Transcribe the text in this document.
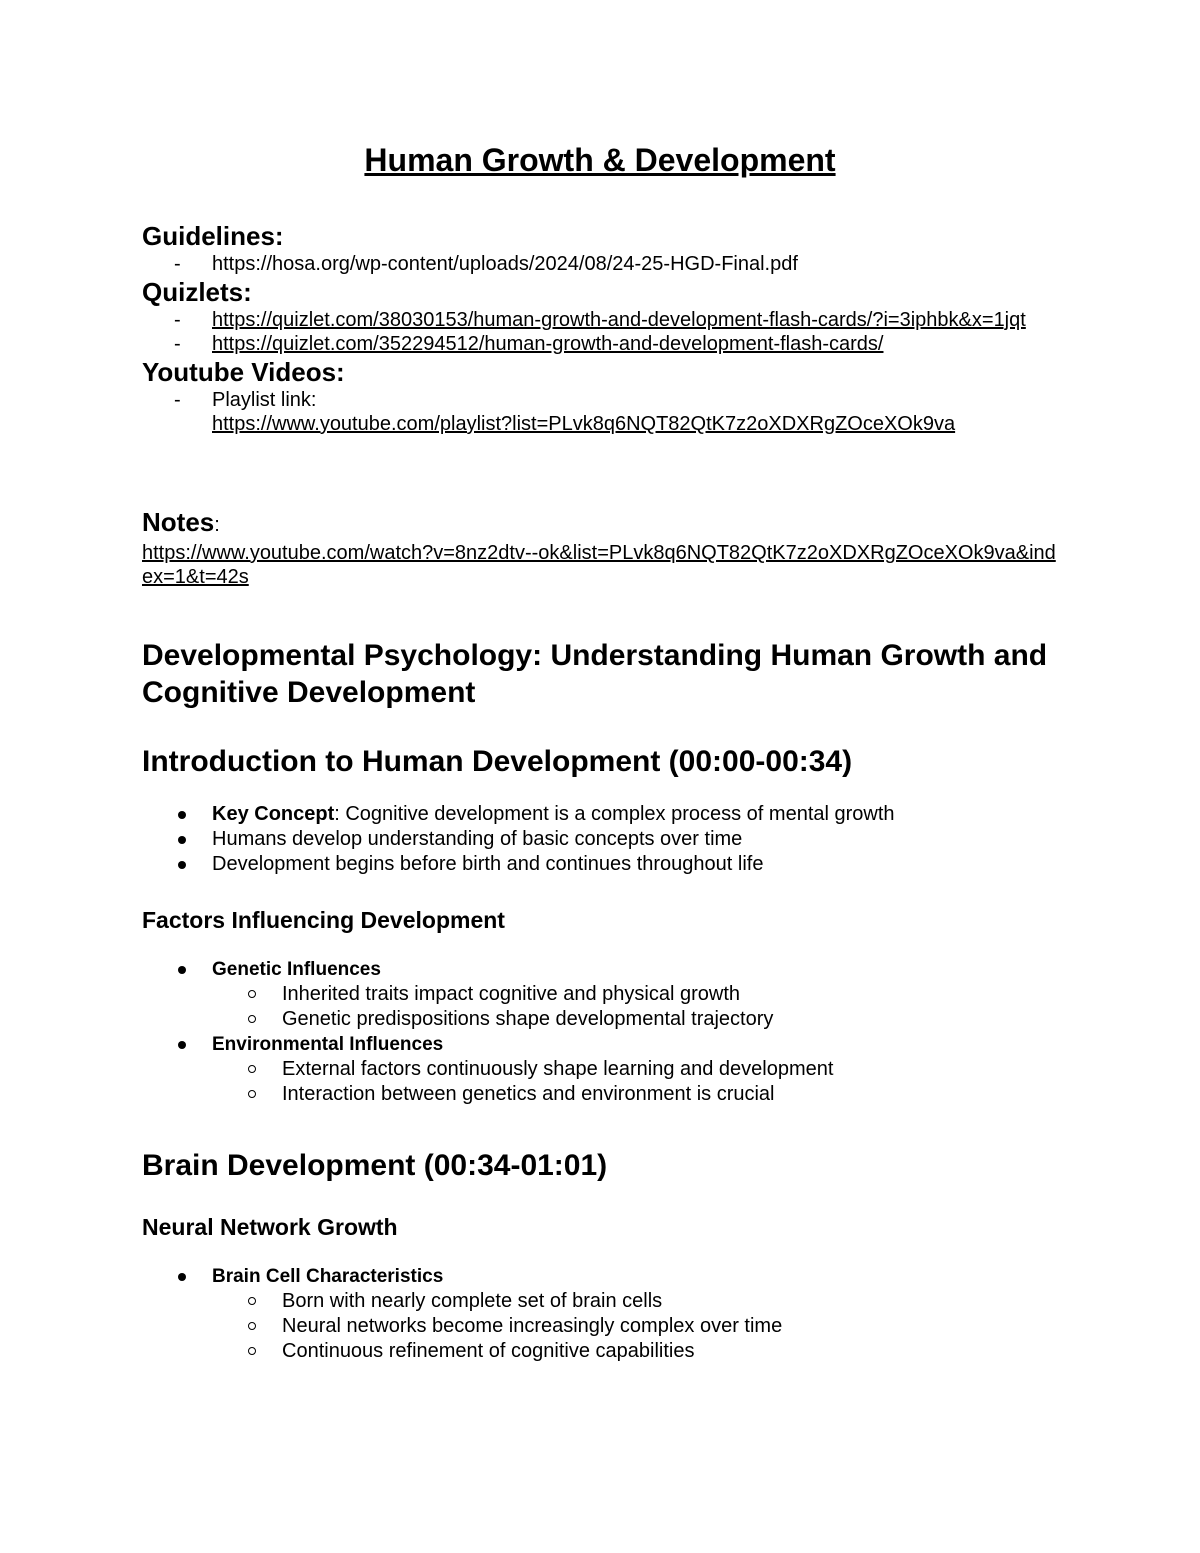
Human Growth & Development

Guidelines:

- https://hosa.org/wp-content/uploads/2024/08/24-25-HGD-Final.pdf

Quizlets:

- https://quizlet.com/38030153/human-growth-and-development-flash-cards/?i=3iphbk&x=1jqt
- https://quizlet.com/352294512/human-growth-and-development-flash-cards/

Youtube Videos:

- Playlist link:
https://www.youtube.com/playlist?list=PLvk8q6NQT82QtK7z2oXDXRgZOceXOk9va

Notes:

https://www.youtube.com/watch?v=8nz2dtv--ok&list=PLvk8q6NQT82QtK7z2oXDXRgZOceXOk9va&index=1&t=42s

Developmental Psychology: Understanding Human Growth and Cognitive Development
Introduction to Human Development (00:00-00:34)
Key Concept: Cognitive development is a complex process of mental growth
Humans develop understanding of basic concepts over time
Development begins before birth and continues throughout life
Factors Influencing Development
Genetic Influences
Inherited traits impact cognitive and physical growth
Genetic predispositions shape developmental trajectory
Environmental Influences
External factors continuously shape learning and development
Interaction between genetics and environment is crucial
Brain Development (00:34-01:01)
Neural Network Growth
Brain Cell Characteristics
Born with nearly complete set of brain cells
Neural networks become increasingly complex over time
Continuous refinement of cognitive capabilities
